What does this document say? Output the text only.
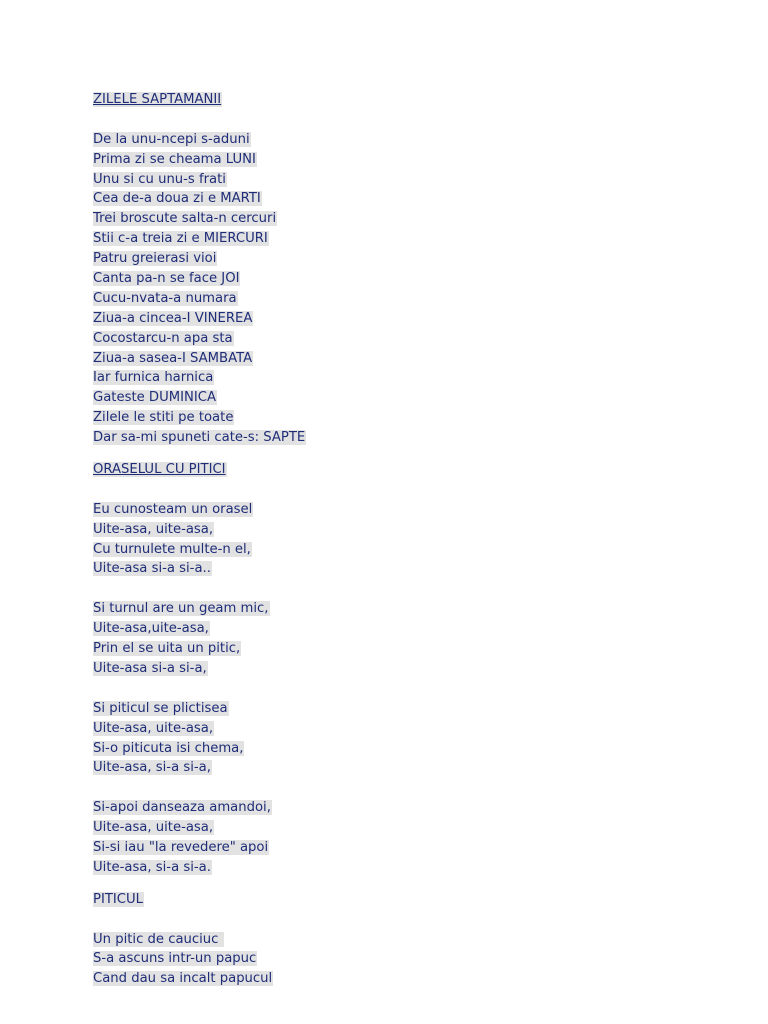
ZILELE SAPTAMANII
De la unu-ncepi s-aduni
Prima zi se cheama LUNI
Unu si cu unu-s frati
Cea de-a doua zi e MARTI
Trei broscute salta-n cercuri
Stii c-a treia zi e MIERCURI
Patru greierasi vioi
Canta pa-n se face JOI
Cucu-nvata-a numara
Ziua-a cincea-I VINEREA
Cocostarcu-n apa sta
Ziua-a sasea-I SAMBATA
Iar furnica harnica
Gateste DUMINICA
Zilele le stiti pe toate
Dar sa-mi spuneti cate-s: SAPTE
ORASELUL CU PITICI
Eu cunosteam un orasel
Uite-asa, uite-asa,
Cu turnulete multe-n el,
Uite-asa si-a si-a..
Si turnul are un geam mic,
Uite-asa,uite-asa,
Prin el se uita un pitic,
Uite-asa si-a si-a,
Si piticul se plictisea
Uite-asa, uite-asa,
Si-o piticuta isi chema,
Uite-asa, si-a si-a,
Si-apoi danseaza amandoi,
Uite-asa, uite-asa,
Si-si iau "la revedere" apoi
Uite-asa, si-a si-a.
PITICUL
Un pitic de cauciuc
S-a ascuns intr-un papuc
Cand dau sa incalt papucul
